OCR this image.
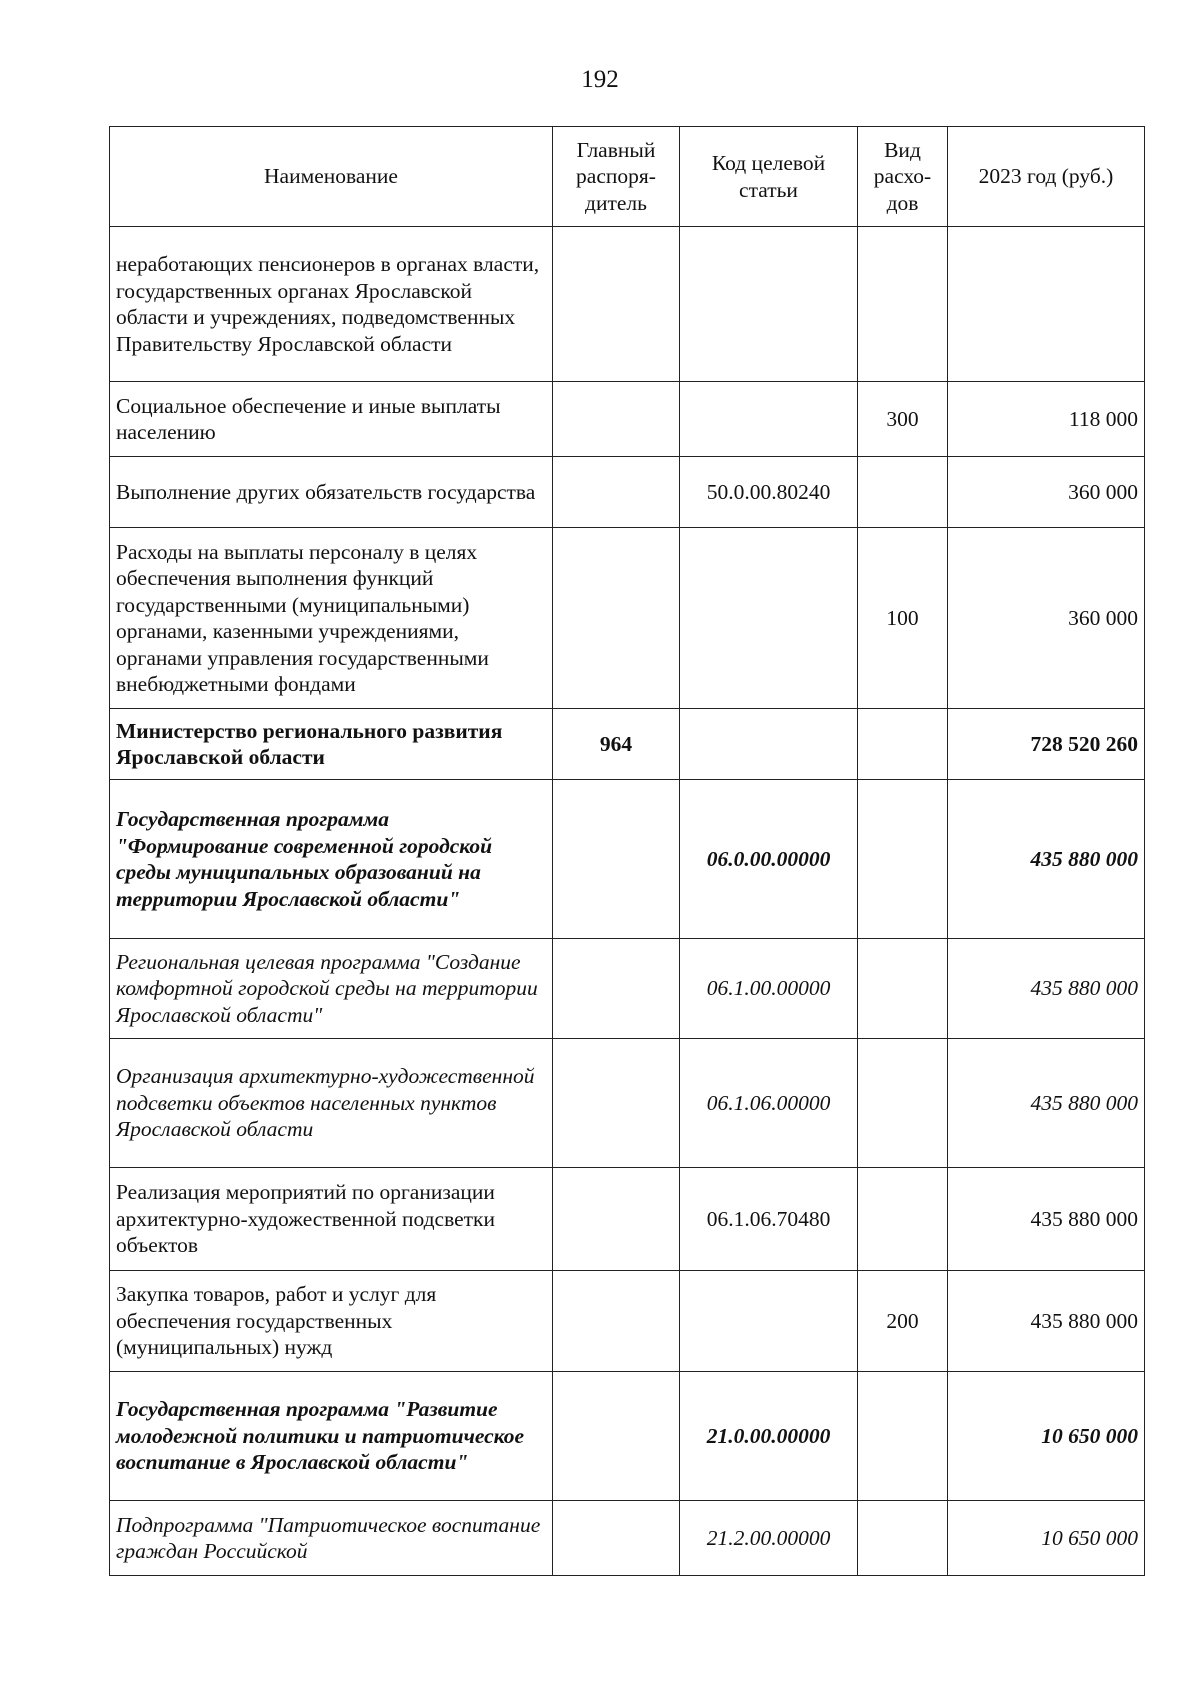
192
Наименование	Главный распоря-дитель	Код целевой статьи	Вид расхо-дов	2023 год (руб.)
неработающих пенсионеров в органах власти, государственных органах Ярославской области и учреждениях, подведомственных Правительству Ярославской области				
Социальное обеспечение и иные выплаты населению			300	118 000
Выполнение других обязательств государства		50.0.00.80240		360 000
Расходы на выплаты персоналу в целях обеспечения выполнения функций государственными (муниципальными) органами, казенными учреждениями, органами управления государственными внебюджетными фондами			100	360 000
Министерство регионального развития Ярославской области	964			728 520 260
Государственная программа "Формирование современной городской среды муниципальных образований на территории Ярославской области"		06.0.00.00000		435 880 000
Региональная целевая программа "Создание комфортной городской среды на территории Ярославской области"		06.1.00.00000		435 880 000
Организация архитектурно-художественной подсветки объектов населенных пунктов Ярославской области		06.1.06.00000		435 880 000
Реализация мероприятий по организации архитектурно-художественной подсветки объектов		06.1.06.70480		435 880 000
Закупка товаров, работ и услуг для обеспечения государственных (муниципальных) нужд			200	435 880 000
Государственная программа "Развитие молодежной политики и патриотическое воспитание в Ярославской области"		21.0.00.00000		10 650 000
Подпрограмма "Патриотическое воспитание граждан Российской		21.2.00.00000		10 650 000
